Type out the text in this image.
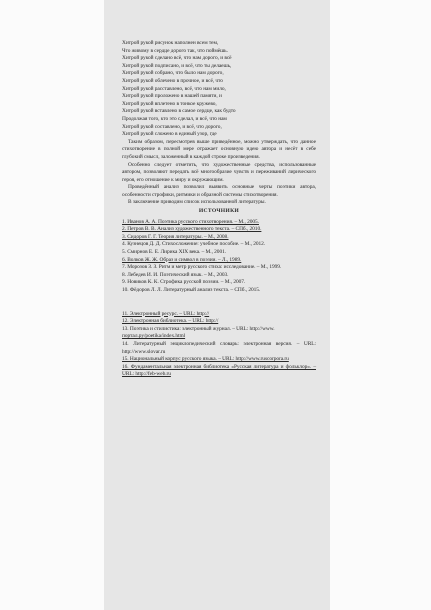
Хитрой рукой рисунок наполнен всем тем,
Что живому в сердце дорого так, что поймёшь.
Хитрой рукой сделано всё, что нам дорого, и всё
Хитрой рукой подписано, и всё, что ты делаешь,
Хитрой рукой собрано, что было нам дорого,
Хитрой рукой облечено в прочное, и всё, что
Хитрой рукой расставлено, всё, что нам мило,
Хитрой рукой проложено в нашей памяти, и
Хитрой рукой вплетено в тонкое кружево,
Хитрой рукой вставлено в самое сердце, как будто
Продолжая того, кто это сделал, и всё, что нам
Хитрой рукой составлено, и всё, что дорого,
Хитрой рукой сложено в единый узор, где

Таким образом, пересмотрев выше приведённое, можно утверждать, что данное стихотворение в полной мере отражает основную идею автора и несёт в себе глубокий смысл, заложенный в каждой строке произведения.

Особенно следует отметить, что художественные средства, использованные автором, позволяют передать всё многообразие чувств и переживаний лирического героя, его отношение к миру и окружающим.

Проведённый анализ позволил выявить основные черты поэтики автора, особенности строфики, ритмики и образной системы стихотворения.

В заключение приводим список использованной литературы.

ИСТОЧНИКИ
1. Иванов А. А. Поэтика русского стихотворения. – М., 2005.
2. Петров В. В. Анализ художественного текста. – СПб., 2010.
3. Сидоров Г. Г. Теория литературы. – М., 2008.
4. Кузнецов Д. Д. Стихосложение: учебное пособие. – М., 2012.
5. Смирнов Е. Е. Лирика XIX века. – М., 2001.
6. Волков Ж. Ж. Образ и символ в поэзии. – Л., 1989.
7. Морозов З. З. Ритм и метр русского стиха: исследование. – М., 1999.
8. Лебедев И. И. Поэтический язык. – М., 2003.
9. Новиков К. К. Строфика русской поэзии. – М., 2007.
10. Фёдоров Л. Л. Литературный анализ текста. – СПб., 2015.
11. Электронный ресурс. – URL: http://
12. Электронная библиотека. – URL: http://
13. Поэтика и стилистика: электронный журнал. – URL: http://www.
портал.ру/poetika/index.html
14. Литературный энциклопедический словарь: электронная версия. – URL: http://www.slovar.ru
15. Национальный корпус русского языка. – URL: http://www.ruscorpora.ru
16. Фундаментальная электронная библиотека «Русская литература и фольклор». – URL: http://feb-web.ru
